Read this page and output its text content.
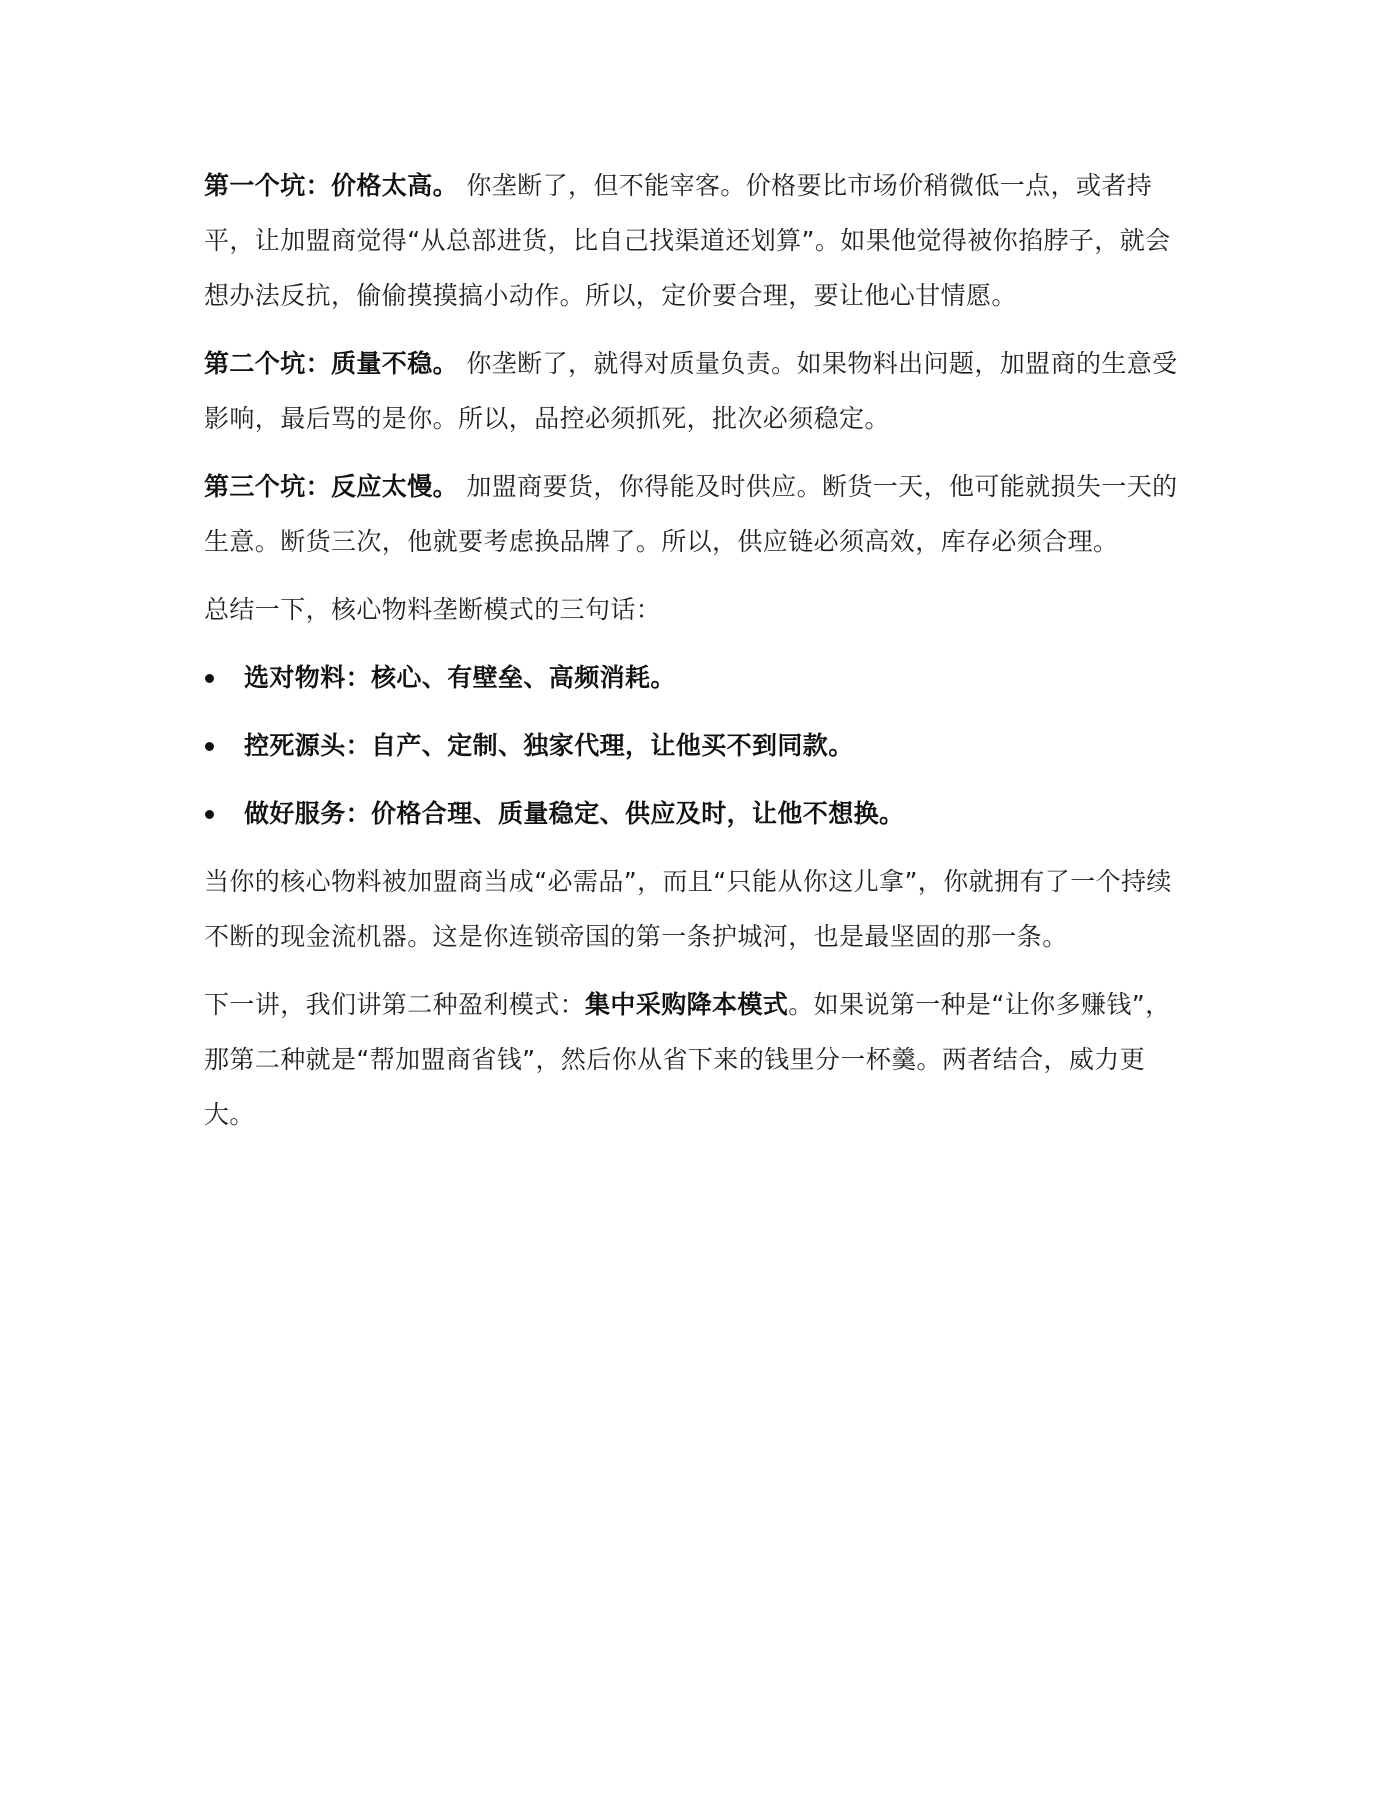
第一个坑：价格太高。 你垄断了，但不能宰客。价格要比市场价稍微低一点，或者持平，让加盟商觉得“从总部进货，比自己找渠道还划算”。如果他觉得被你掐脖子，就会想办法反抗，偷偷摸摸搞小动作。所以，定价要合理，要让他心甘情愿。

第二个坑：质量不稳。 你垄断了，就得对质量负责。如果物料出问题，加盟商的生意受影响，最后骂的是你。所以，品控必须抓死，批次必须稳定。

第三个坑：反应太慢。 加盟商要货，你得能及时供应。断货一天，他可能就损失一天的生意。断货三次，他就要考虑换品牌了。所以，供应链必须高效，库存必须合理。

总结一下，核心物料垄断模式的三句话：

选对物料：核心、有壁垒、高频消耗。
控死源头：自产、定制、独家代理，让他买不到同款。
做好服务：价格合理、质量稳定、供应及时，让他不想换。

当你的核心物料被加盟商当成“必需品”，而且“只能从你这儿拿”，你就拥有了一个持续不断的现金流机器。这是你连锁帝国的第一条护城河，也是最坚固的那一条。

下一讲，我们讲第二种盈利模式：集中采购降本模式。如果说第一种是“让你多赚钱”，那第二种就是“帮加盟商省钱”，然后你从省下来的钱里分一杯羹。两者结合，威力更大。
